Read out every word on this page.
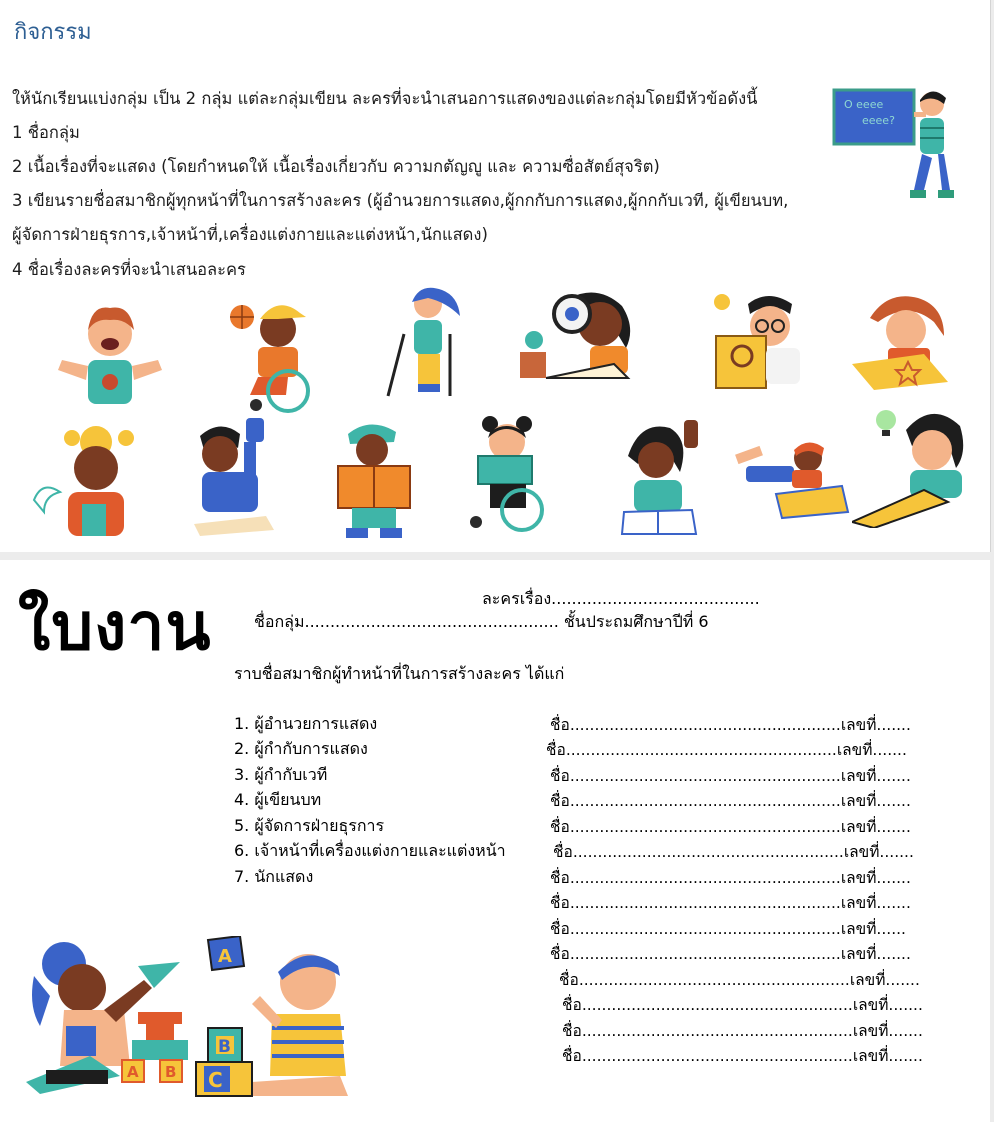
กิจกรรม
ให้นักเรียนแบ่งกลุ่ม เป็น 2 กลุ่ม แต่ละกลุ่มเขียน ละครที่จะนำเสนอการแสดงของแต่ละกลุ่มโดยมีหัวข้อดังนี้
1 ชื่อกลุ่ม
2 เนื้อเรื่องที่จะแสดง (โดยกำหนดให้ เนื้อเรื่องเกี่ยวกับ ความกตัญญู และ ความซื่อสัตย์สุจริต)
3 เขียนรายชื่อสมาชิกผู้ทุกหน้าที่ในการสร้างละคร (ผู้อำนวยการแสดง,ผู้กกกับการแสดง,ผู้กกกับเวที, ผู้เขียนบท,
ผู้จัดการฝ่ายธุรการ,เจ้าหน้าที่,เครื่องแต่งกายและแต่งหน้า,นักแสดง)
4 ชื่อเรื่องละครที่จะนำเสนอละคร
O eeee
eeee?
ใบงาน	ละครเรื่อง.........................................
ชื่อกลุ่ม.................................................. ชั้นประถมศึกษาปีที่ 6
ราบชื่อสมาชิกผู้ทำหน้าที่ในการสร้างละคร ได้แก่
1. ผู้อำนวยการแสดง
2. ผู้กำกับการแสดง
3. ผู้กำกับเวที
4. ผู้เขียนบท
5. ผู้จัดการฝ่ายธุรการ
6. เจ้าหน้าที่เครื่องแต่งกายและแต่งหน้า
7. นักแสดง
ชื่อ.......................................................เลขที่.......
ชื่อ.......................................................เลขที่.......
ชื่อ.......................................................เลขที่.......
ชื่อ.......................................................เลขที่.......
ชื่อ.......................................................เลขที่.......
ชื่อ.......................................................เลขที่.......
ชื่อ.......................................................เลขที่.......
ชื่อ.......................................................เลขที่.......
ชื่อ.......................................................เลขที่......
ชื่อ.......................................................เลขที่.......
ชื่อ.......................................................เลขที่.......
ชื่อ.......................................................เลขที่.......
ชื่อ.......................................................เลขที่.......
ชื่อ.......................................................เลขที่.......
A B
A
B
C
